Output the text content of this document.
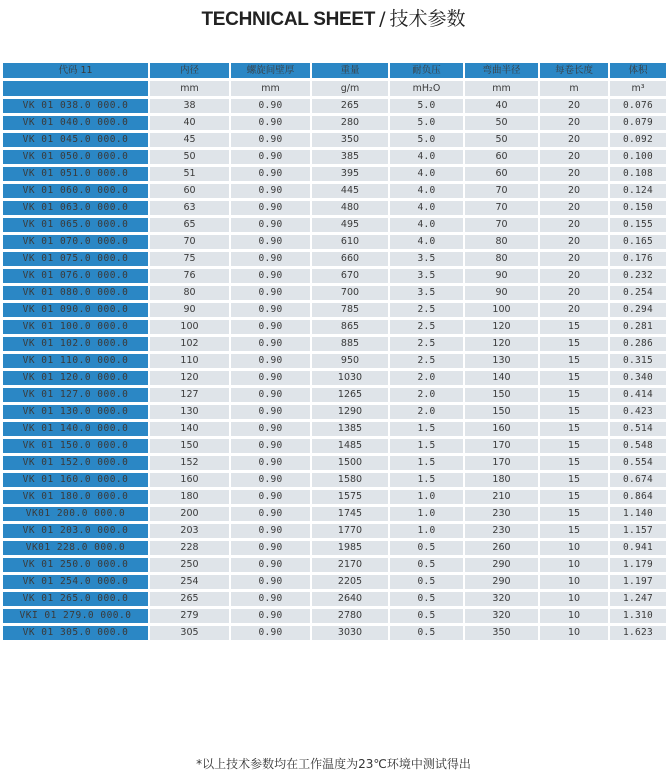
TECHNICAL SHEET / 技术参数
代码 11	内径	螺旋间壁厚	重量	耐负压	弯曲半径	每卷长度	体积
	mm	mm	g/m	mH₂O	mm	m	m³
VK 01 038.0 000.0	38	0.90	265	5.0	40	20	0.076
VK 01 040.0 000.0	40	0.90	280	5.0	50	20	0.079
VK 01 045.0 000.0	45	0.90	350	5.0	50	20	0.092
VK 01 050.0 000.0	50	0.90	385	4.0	60	20	0.100
VK 01 051.0 000.0	51	0.90	395	4.0	60	20	0.108
VK 01 060.0 000.0	60	0.90	445	4.0	70	20	0.124
VK 01 063.0 000.0	63	0.90	480	4.0	70	20	0.150
VK 01 065.0 000.0	65	0.90	495	4.0	70	20	0.155
VK 01 070.0 000.0	70	0.90	610	4.0	80	20	0.165
VK 01 075.0 000.0	75	0.90	660	3.5	80	20	0.176
VK 01 076.0 000.0	76	0.90	670	3.5	90	20	0.232
VK 01 080.0 000.0	80	0.90	700	3.5	90	20	0.254
VK 01 090.0 000.0	90	0.90	785	2.5	100	20	0.294
VK 01 100.0 000.0	100	0.90	865	2.5	120	15	0.281
VK 01 102.0 000.0	102	0.90	885	2.5	120	15	0.286
VK 01 110.0 000.0	110	0.90	950	2.5	130	15	0.315
VK 01 120.0 000.0	120	0.90	1030	2.0	140	15	0.340
VK 01 127.0 000.0	127	0.90	1265	2.0	150	15	0.414
VK 01 130.0 000.0	130	0.90	1290	2.0	150	15	0.423
VK 01 140.0 000.0	140	0.90	1385	1.5	160	15	0.514
VK 01 150.0 000.0	150	0.90	1485	1.5	170	15	0.548
VK 01 152.0 000.0	152	0.90	1500	1.5	170	15	0.554
VK 01 160.0 000.0	160	0.90	1580	1.5	180	15	0.674
VK 01 180.0 000.0	180	0.90	1575	1.0	210	15	0.864
VK01 200.0 000.0	200	0.90	1745	1.0	230	15	1.140
VK 01 203.0 000.0	203	0.90	1770	1.0	230	15	1.157
VK01 228.0 000.0	228	0.90	1985	0.5	260	10	0.941
VK 01 250.0 000.0	250	0.90	2170	0.5	290	10	1.179
VK 01 254.0 000.0	254	0.90	2205	0.5	290	10	1.197
VK 01 265.0 000.0	265	0.90	2640	0.5	320	10	1.247
VKI 01 279.0 000.0	279	0.90	2780	0.5	320	10	1.310
VK 01 305.0 000.0	305	0.90	3030	0.5	350	10	1.623
*以上技术参数均在工作温度为23℃环境中测试得出
